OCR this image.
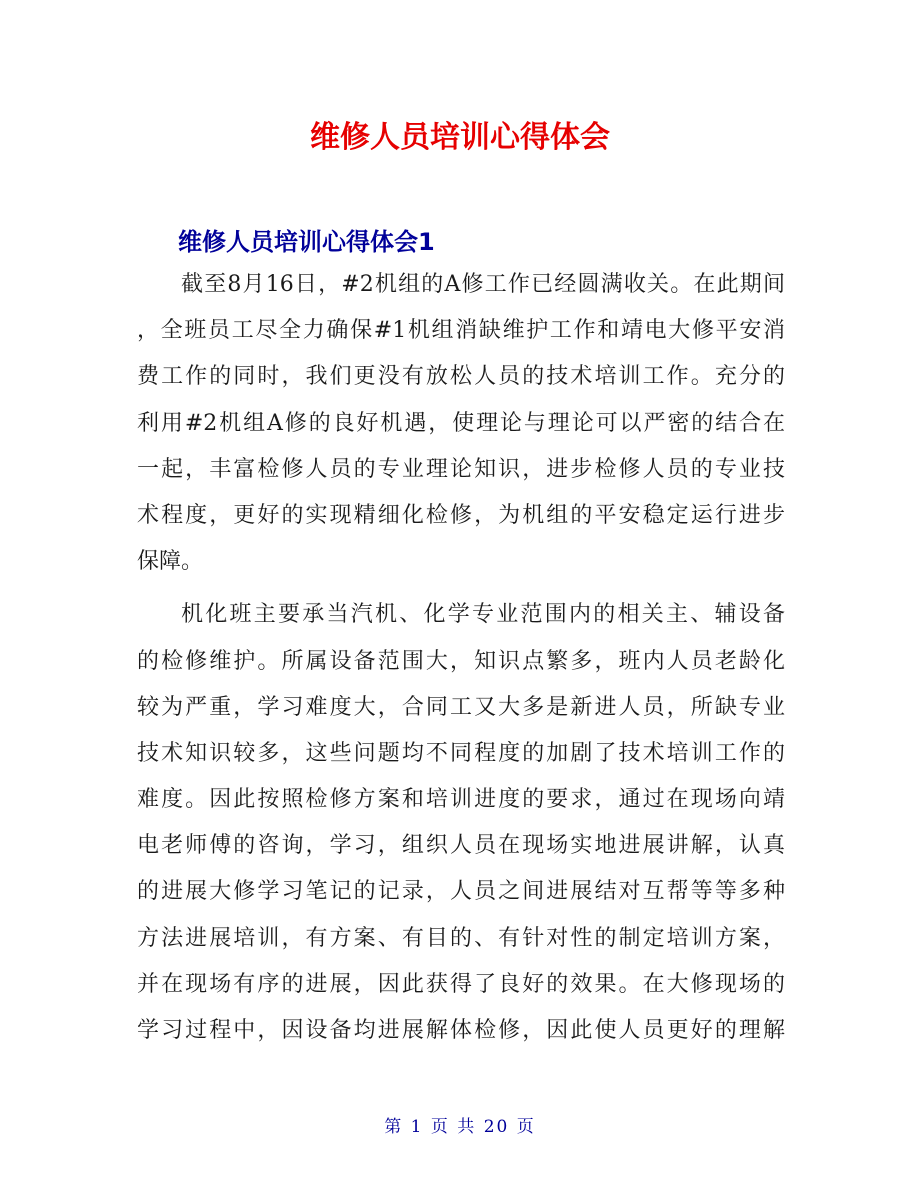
维修人员培训心得体会
维修人员培训心得体会1
截至8月16日，#2机组的A修工作已经圆满收关。在此期间
，全班员工尽全力确保#1机组消缺维护工作和靖电大修平安消
费工作的同时，我们更没有放松人员的技术培训工作。充分的
利用#2机组A修的良好机遇，使理论与理论可以严密的结合在
一起，丰富检修人员的专业理论知识，进步检修人员的专业技
术程度，更好的实现精细化检修，为机组的平安稳定运行进步
保障。
机化班主要承当汽机、化学专业范围内的相关主、辅设备
的检修维护。所属设备范围大，知识点繁多，班内人员老龄化
较为严重，学习难度大，合同工又大多是新进人员，所缺专业
技术知识较多，这些问题均不同程度的加剧了技术培训工作的
难度。因此按照检修方案和培训进度的要求，通过在现场向靖
电老师傅的咨询，学习，组织人员在现场实地进展讲解，认真
的进展大修学习笔记的记录，人员之间进展结对互帮等等多种
方法进展培训，有方案、有目的、有针对性的制定培训方案，
并在现场有序的进展，因此获得了良好的效果。在大修现场的
学习过程中，因设备均进展解体检修，因此使人员更好的理解
第 1 页 共 20 页
